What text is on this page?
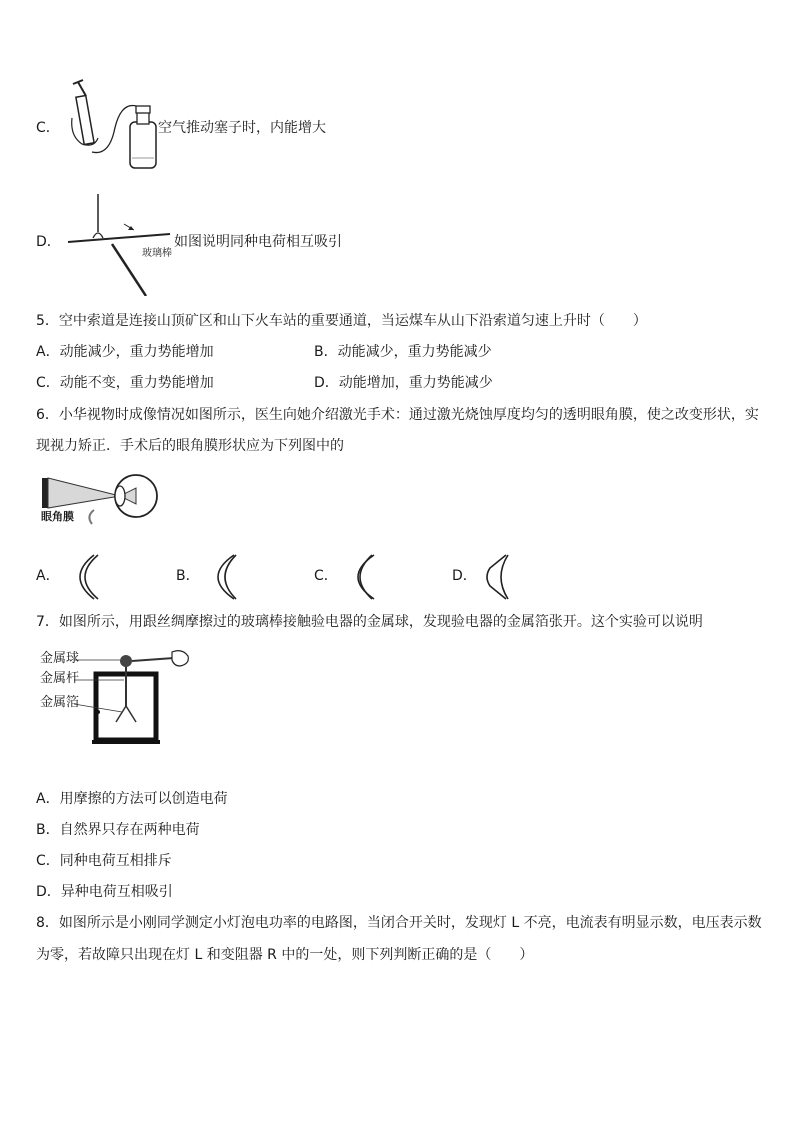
C．	空气推动塞子时，内能增大
D．
玻璃棒
如图说明同种电荷相互吸引
5．空中索道是连接山顶矿区和山下火车站的重要通道，当运煤车从山下沿索道匀速上升时（　　）
A．动能减少，重力势能增加	B．动能减少，重力势能减少
C．动能不变，重力势能增加	D．动能增加，重力势能减少
6．小华视物时成像情况如图所示，医生向她介绍激光手术：通过激光烧蚀厚度均匀的透明眼角膜，使之改变形状，实
现视力矫正．手术后的眼角膜形状应为下列图中的
眼角膜
A．	B．	C．	D．
7．如图所示，用跟丝绸摩擦过的玻璃棒接触验电器的金属球，发现验电器的金属箔张开。这个实验可以说明
金属球
金属杆
金属箔
A．用摩擦的方法可以创造电荷
B．自然界只存在两种电荷
C．同种电荷互相排斥
D．异种电荷互相吸引
8．如图所示是小刚同学测定小灯泡电功率的电路图，当闭合开关时，发现灯 L 不亮，电流表有明显示数，电压表示数
为零，若故障只出现在灯 L 和变阻器 R 中的一处，则下列判断正确的是（　　）
